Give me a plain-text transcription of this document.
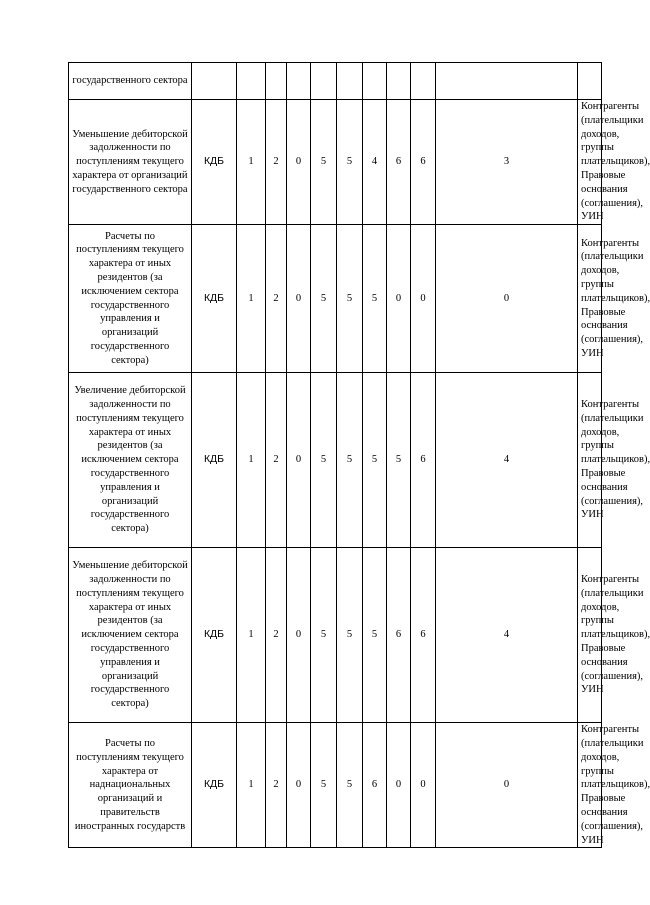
государственного сектора											
Уменьшение дебиторской задолженности по поступлениям текущего характера от организаций государственного сектора	КДБ	1	2	0	5	5	4	6	6	3	Контрагенты (плательщики доходов, группы плательщиков), Правовые основания (соглашения), УИН
Расчеты по поступлениям текущего характера от иных резидентов (за исключением сектора государственного управления и организаций государственного сектора)	КДБ	1	2	0	5	5	5	0	0	0	Контрагенты (плательщики доходов, группы плательщиков), Правовые основания (соглашения), УИН
Увеличение дебиторской задолженности по поступлениям текущего характера от иных резидентов (за исключением сектора государственного управления и организаций государственного сектора)	КДБ	1	2	0	5	5	5	5	6	4	Контрагенты (плательщики доходов, группы плательщиков), Правовые основания (соглашения), УИН
Уменьшение дебиторской задолженности по поступлениям текущего характера от иных резидентов (за исключением сектора государственного управления и организаций государственного сектора)	КДБ	1	2	0	5	5	5	6	6	4	Контрагенты (плательщики доходов, группы плательщиков), Правовые основания (соглашения), УИН
Расчеты по поступлениям текущего характера от наднациональных организаций и правительств иностранных государств	КДБ	1	2	0	5	5	6	0	0	0	Контрагенты (плательщики доходов, группы плательщиков), Правовые основания (соглашения), УИН
